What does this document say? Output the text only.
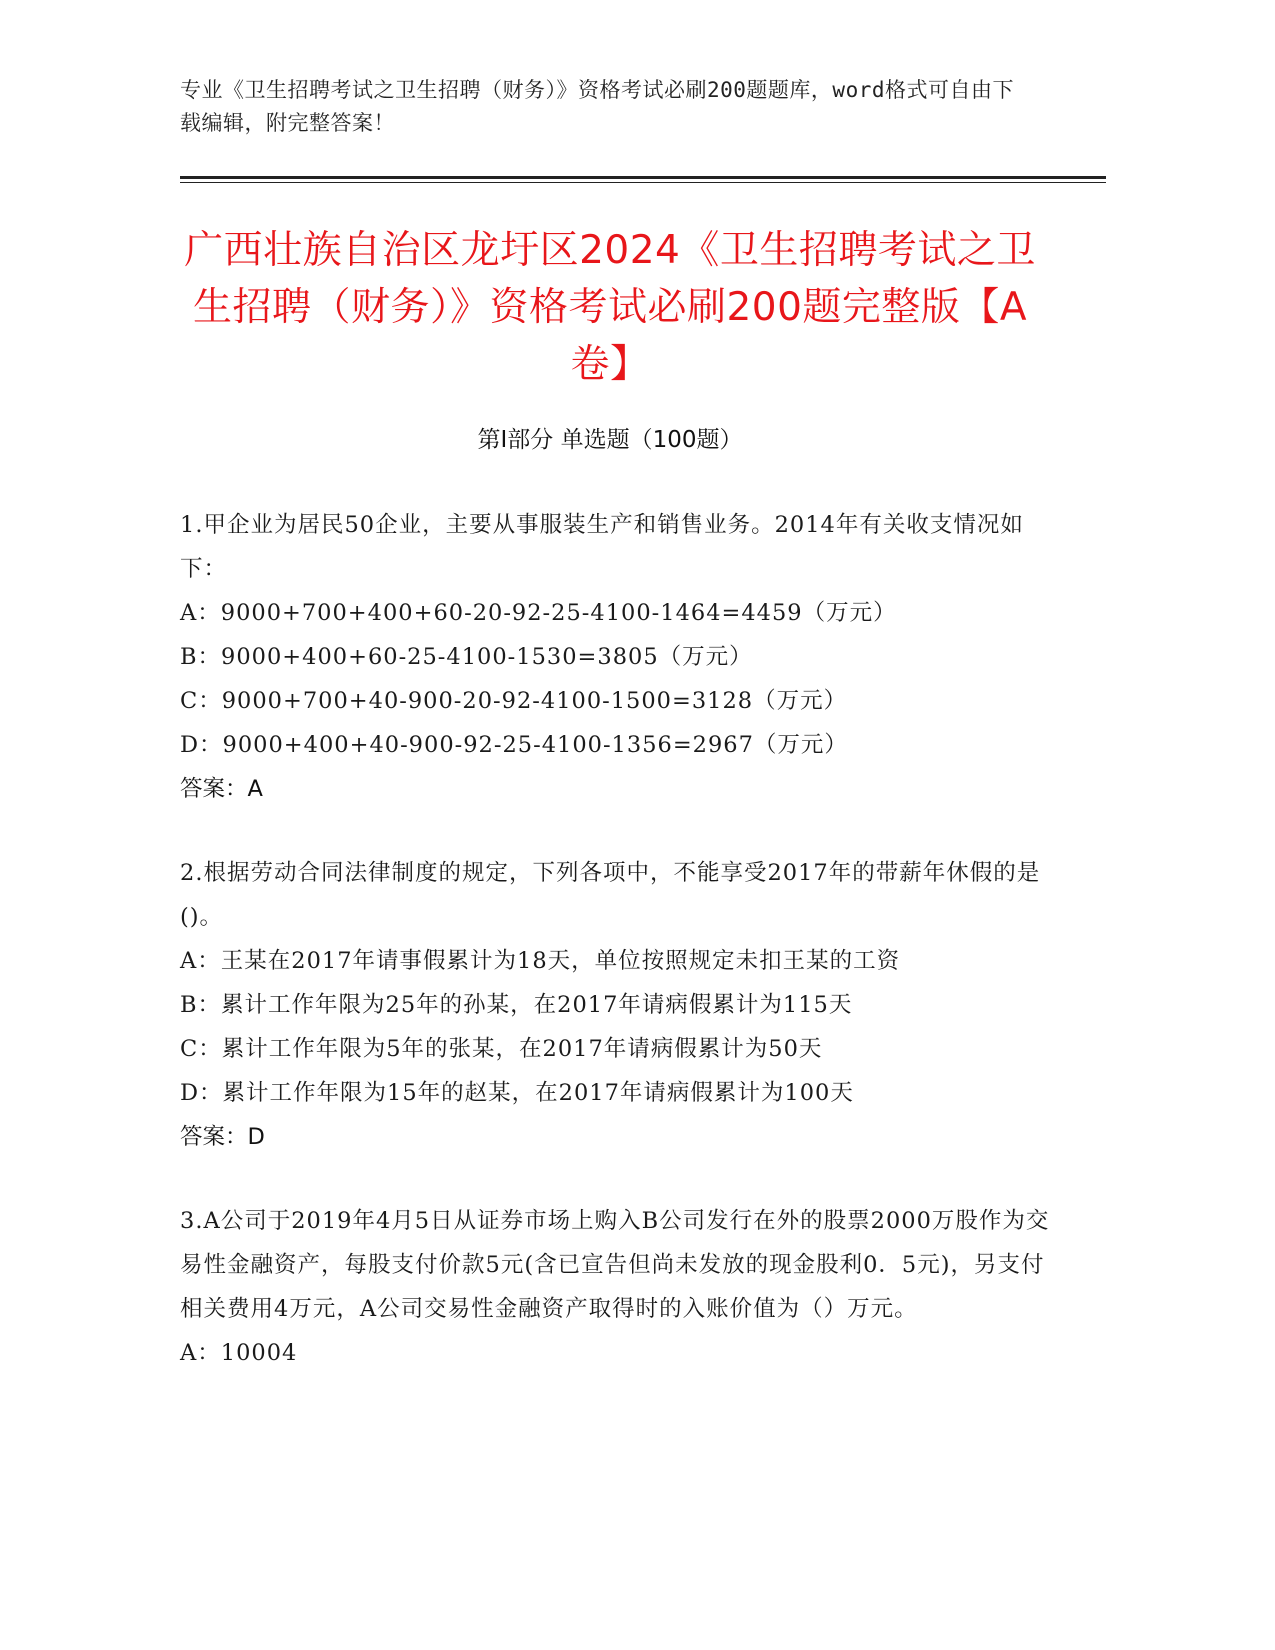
专业《卫生招聘考试之卫生招聘（财务）》资格考试必刷200题题库，word格式可自由下载编辑，附完整答案！
广西壮族自治区龙圩区2024《卫生招聘考试之卫生招聘（财务）》资格考试必刷200题完整版【A卷】
第Ⅰ部分 单选题（100题）
1.甲企业为居民50企业，主要从事服装生产和销售业务。2014年有关收支情况如下：
A：9000+700+400+60-20-92-25-4100-1464=4459（万元）
B：9000+400+60-25-4100-1530=3805（万元）
C：9000+700+40-900-20-92-4100-1500=3128（万元）
D：9000+400+40-900-92-25-4100-1356=2967（万元）
答案：A
2.根据劳动合同法律制度的规定，下列各项中，不能享受2017年的带薪年休假的是()。
A：王某在2017年请事假累计为18天，单位按照规定未扣王某的工资
B：累计工作年限为25年的孙某，在2017年请病假累计为115天
C：累计工作年限为5年的张某，在2017年请病假累计为50天
D：累计工作年限为15年的赵某，在2017年请病假累计为100天
答案：D
3.A公司于2019年4月5日从证券市场上购入B公司发行在外的股票2000万股作为交易性金融资产，每股支付价款5元(含已宣告但尚未发放的现金股利0．5元)，另支付相关费用4万元，A公司交易性金融资产取得时的入账价值为（）万元。
A：10004
